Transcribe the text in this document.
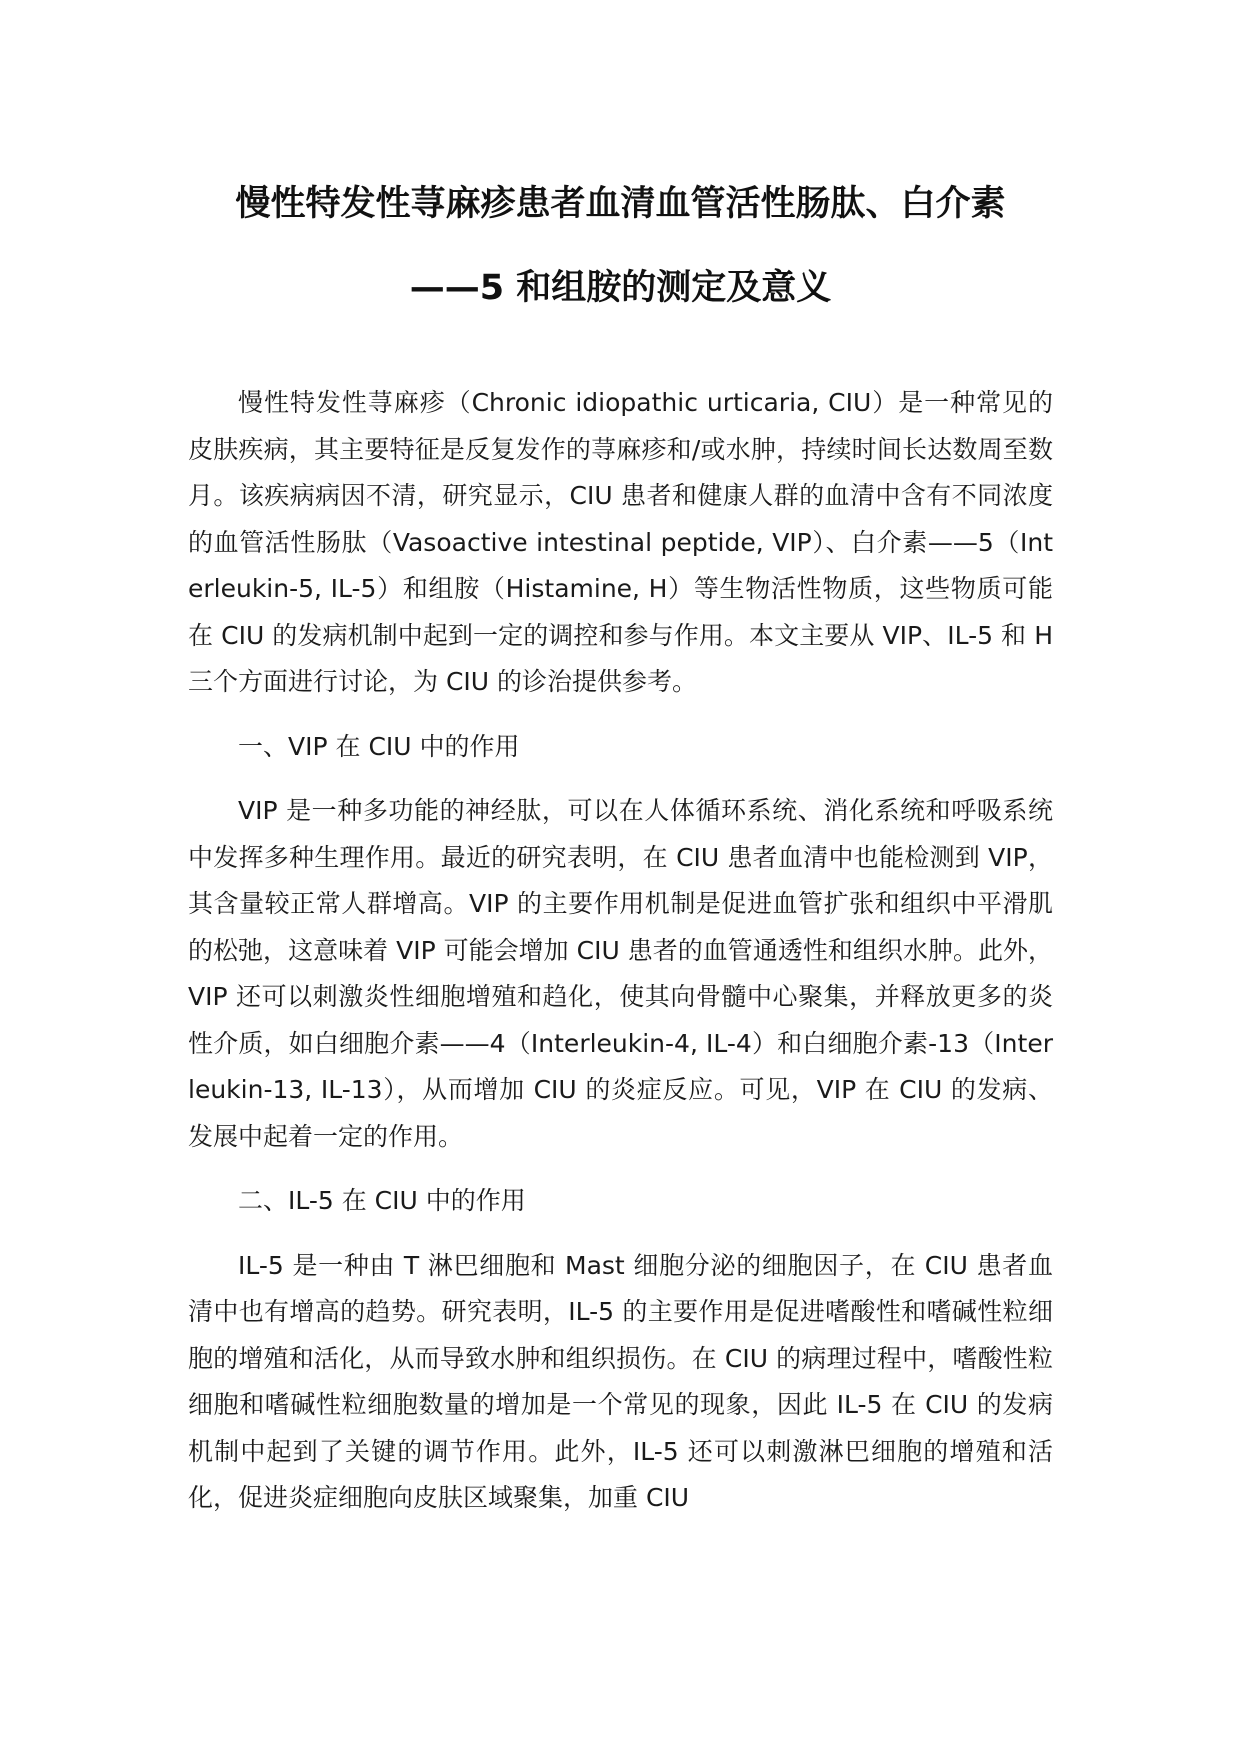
慢性特发性荨麻疹患者血清血管活性肠肽、白介素
——5 和组胺的测定及意义

慢性特发性荨麻疹（Chronic idiopathic urticaria, CIU）是一种常见的皮肤疾病，其主要特征是反复发作的荨麻疹和/或水肿，持续时间长达数周至数月。该疾病病因不清，研究显示，CIU 患者和健康人群的血清中含有不同浓度的血管活性肠肽（Vasoactive intestinal peptide, VIP）、白介素——5（Interleukin-5, IL-5）和组胺（Histamine, H）等生物活性物质，这些物质可能在 CIU 的发病机制中起到一定的调控和参与作用。本文主要从 VIP、IL-5 和 H 三个方面进行讨论，为 CIU 的诊治提供参考。

一、VIP 在 CIU 中的作用

VIP 是一种多功能的神经肽，可以在人体循环系统、消化系统和呼吸系统中发挥多种生理作用。最近的研究表明，在 CIU 患者血清中也能检测到 VIP，其含量较正常人群增高。VIP 的主要作用机制是促进血管扩张和组织中平滑肌的松弛，这意味着 VIP 可能会增加 CIU 患者的血管通透性和组织水肿。此外，VIP 还可以刺激炎性细胞增殖和趋化，使其向骨髓中心聚集，并释放更多的炎性介质，如白细胞介素——4（Interleukin-4, IL-4）和白细胞介素-13（Interleukin-13, IL-13），从而增加 CIU 的炎症反应。可见，VIP 在 CIU 的发病、发展中起着一定的作用。

二、IL-5 在 CIU 中的作用

IL-5 是一种由 T 淋巴细胞和 Mast 细胞分泌的细胞因子，在 CIU 患者血清中也有增高的趋势。研究表明，IL-5 的主要作用是促进嗜酸性和嗜碱性粒细胞的增殖和活化，从而导致水肿和组织损伤。在 CIU 的病理过程中，嗜酸性粒细胞和嗜碱性粒细胞数量的增加是一个常见的现象，因此 IL-5 在 CIU 的发病机制中起到了关键的调节作用。此外，IL-5 还可以刺激淋巴细胞的增殖和活化，促进炎症细胞向皮肤区域聚集，加重 CIU
